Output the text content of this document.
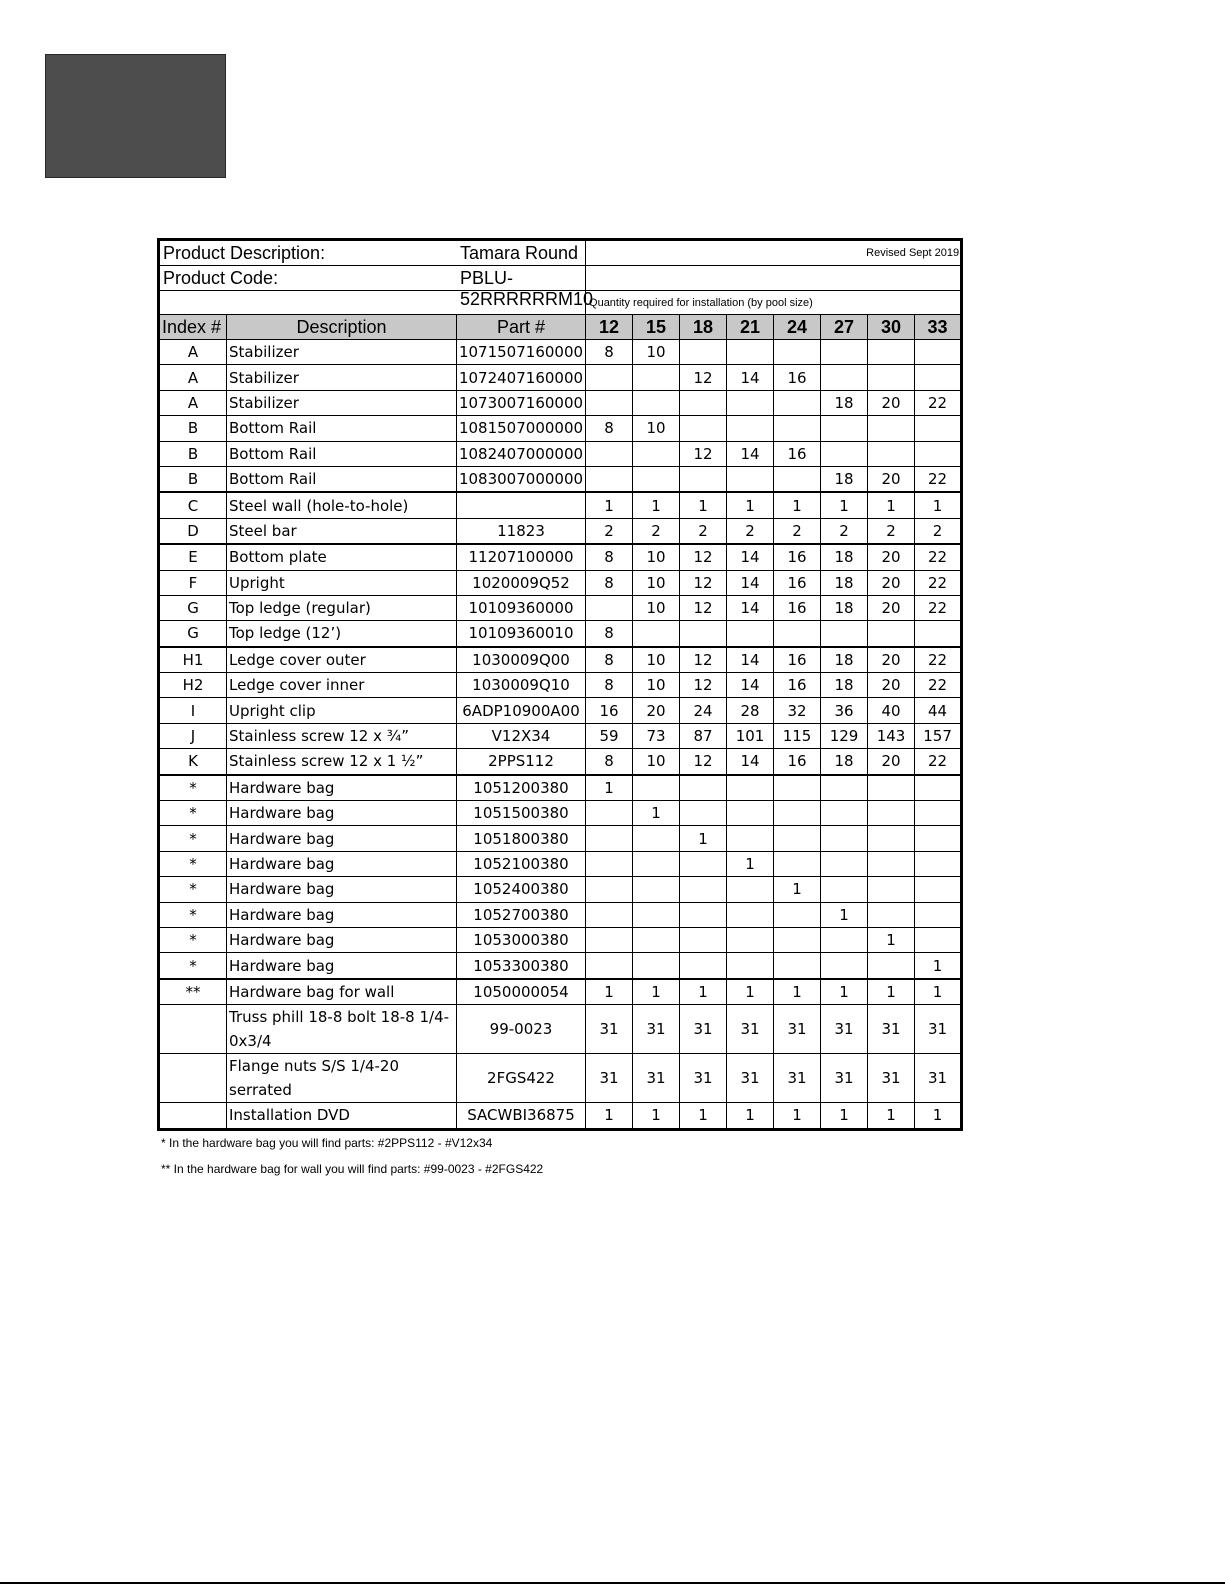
Product Description: Tamara Round			Revised Sept 2019							
Product Code: PBLU-52RRRRRRM10										

			Quantity required for installation (by pool size)							
Index #	Description	Part #	12	15	18	21	24	27	30	33
A	Stabilizer	1071507160000	8	10						
A	Stabilizer	1072407160000			12	14	16			
A	Stabilizer	1073007160000						18	20	22
B	Bottom Rail	1081507000000	8	10						
B	Bottom Rail	1082407000000			12	14	16			
B	Bottom Rail	1083007000000						18	20	22
C	Steel wall (hole-to-hole)		1	1	1	1	1	1	1	1
D	Steel bar	11823	2	2	2	2	2	2	2	2
E	Bottom plate	11207100000	8	10	12	14	16	18	20	22
F	Upright	1020009Q52	8	10	12	14	16	18	20	22
G	Top ledge (regular)	10109360000		10	12	14	16	18	20	22
G	Top ledge (12’)	10109360010	8							
H1	Ledge cover outer	1030009Q00	8	10	12	14	16	18	20	22
H2	Ledge cover inner	1030009Q10	8	10	12	14	16	18	20	22
I	Upright clip	6ADP10900A00	16	20	24	28	32	36	40	44
J	Stainless screw 12 x ¾”	V12X34	59	73	87	101	115	129	143	157
K	Stainless screw 12 x 1 ½”	2PPS112	8	10	12	14	16	18	20	22
*	Hardware bag	1051200380	1							
*	Hardware bag	1051500380		1						
*	Hardware bag	1051800380			1					
*	Hardware bag	1052100380				1				
*	Hardware bag	1052400380					1			
*	Hardware bag	1052700380						1		
*	Hardware bag	1053000380							1	
*	Hardware bag	1053300380								1
**	Hardware bag for wall	1050000054	1	1	1	1	1	1	1	1
	Truss phill 18-8 bolt 18-8 1/4-0x3/4	99-0023	31	31	31	31	31	31	31	31
	Flange nuts S/S 1/4-20 serrated	2FGS422	31	31	31	31	31	31	31	31
	Installation DVD	SACWBI36875	1	1	1	1	1	1	1	1
* In the hardware bag you will find parts: #2PPS112 - #V12x34
** In the hardware bag for wall you will find parts: #99-0023 - #2FGS422
